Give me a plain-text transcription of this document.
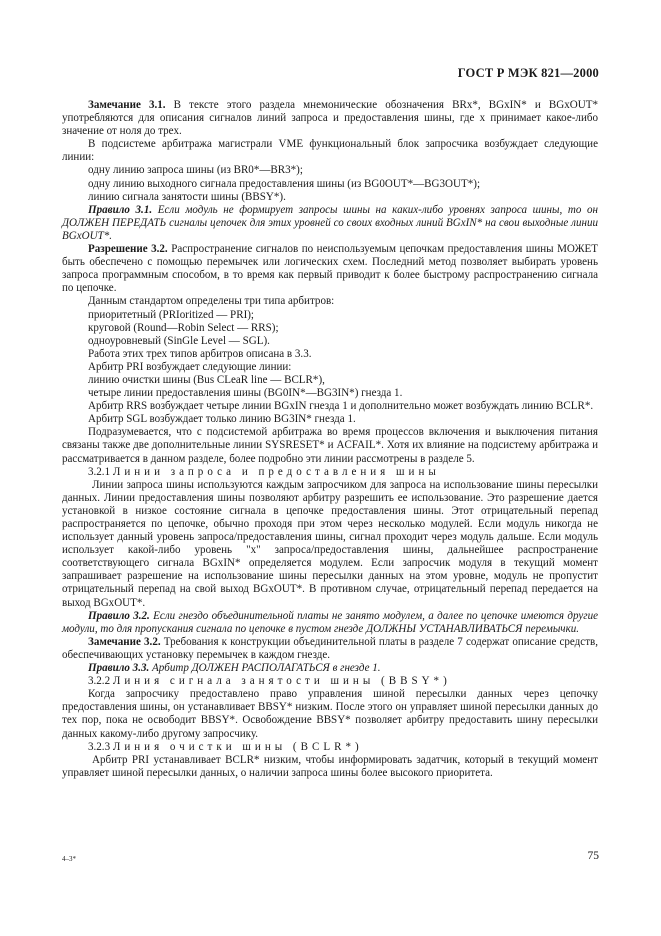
ГОСТ Р МЭК 821—2000

Замечание 3.1. В тексте этого раздела мнемонические обозначения BRx*, BGxIN* и BGxOUT* употребляются для описания сигналов линий запроса и предоставления шины, где x принимает какое-либо значение от ноля до трех.

В подсистеме арбитража магистрали VME функциональный блок запросчика возбуждает следующие линии:

одну линию запроса шины (из BR0*—BR3*);

одну линию выходного сигнала предоставления шины (из BG0OUT*—BG3OUT*);

линию сигнала занятости шины (BBSY*).

Правило 3.1. Если модуль не формирует запросы шины на каких-либо уровнях запроса шины, то он ДОЛЖЕН ПЕРЕДАТЬ сигналы цепочек для этих уровней со своих входных линий BGxIN* на свои выходные линии BGxOUT*.

Разрешение 3.2. Распространение сигналов по неиспользуемым цепочкам предоставления шины МОЖЕТ быть обеспечено с помощью перемычек или логических схем. Последний метод позволяет выбирать уровень запроса программным способом, в то время как первый приводит к более быстрому распространению сигнала по цепочке.

Данным стандартом определены три типа арбитров:

приоритетный (PRIoritized — PRI);

круговой (Round—Robin Select — RRS);

одноуровневый (SinGle Level — SGL).

Работа этих трех типов арбитров описана в 3.3.

Арбитр PRI возбуждает следующие линии:

линию очистки шины (Bus CLeaR line — BCLR*),

четыре линии предоставления шины (BG0IN*—BG3IN*) гнезда 1.

Арбитр RRS возбуждает четыре линии BGxIN гнезда 1 и дополнительно может возбуждать линию BCLR*.

Арбитр SGL возбуждает только линию BG3IN* гнезда 1.

Подразумевается, что с подсистемой арбитража во время процессов включения и выключения питания связаны также две дополнительные линии SYSRESET* и ACFAIL*. Хотя их влияние на подсистему арбитража и рассматривается в данном разделе, более подробно эти линии рассмотрены в разделе 5.

3.2.1 Линии запроса и предоставления шины

Линии запроса шины используются каждым запросчиком для запроса на использование шины пересылки данных. Линии предоставления шины позволяют арбитру разрешить ее использование. Это разрешение дается установкой в низкое состояние сигнала в цепочке предоставления шины. Этот отрицательный перепад распространяется по цепочке, обычно проходя при этом через несколько модулей. Если модуль никогда не использует данный уровень запроса/предоставления шины, сигнал проходит через модуль дальше. Если модуль использует какой-либо уровень "x" запроса/предоставления шины, дальнейшее распространение соответствующего сигнала BGxIN* определяется модулем. Если запросчик модуля в текущий момент запрашивает разрешение на использование шины пересылки данных на этом уровне, модуль не пропустит отрицательный перепад на свой выход BGxOUT*. В противном случае, отрицательный перепад передается на выход BGxOUT*.

Правило 3.2. Если гнездо объединительной платы не занято модулем, а далее по цепочке имеются другие модули, то для пропускания сигнала по цепочке в пустом гнезде ДОЛЖНЫ УСТАНАВЛИВАТЬСЯ перемычки.

Замечание 3.2. Требования к конструкции объединительной платы в разделе 7 содержат описание средств, обеспечивающих установку перемычек в каждом гнезде.

Правило 3.3. Арбитр ДОЛЖЕН РАСПОЛАГАТЬСЯ в гнезде 1.

3.2.2 Линия сигнала занятости шины (BBSY*)

Когда запросчику предоставлено право управления шиной пересылки данных через цепочку предоставления шины, он устанавливает BBSY* низким. После этого он управляет шиной пересылки данных до тех пор, пока не освободит BBSY*. Освобождение BBSY* позволяет арбитру предоставить шину пересылки данных какому-либо другому запросчику.

3.2.3 Линия очистки шины (BCLR*)

Арбитр PRI устанавливает BCLR* низким, чтобы информировать задатчик, который в текущий момент управляет шиной пересылки данных, о наличии запроса шины более высокого приоритета.

4–3*	75
